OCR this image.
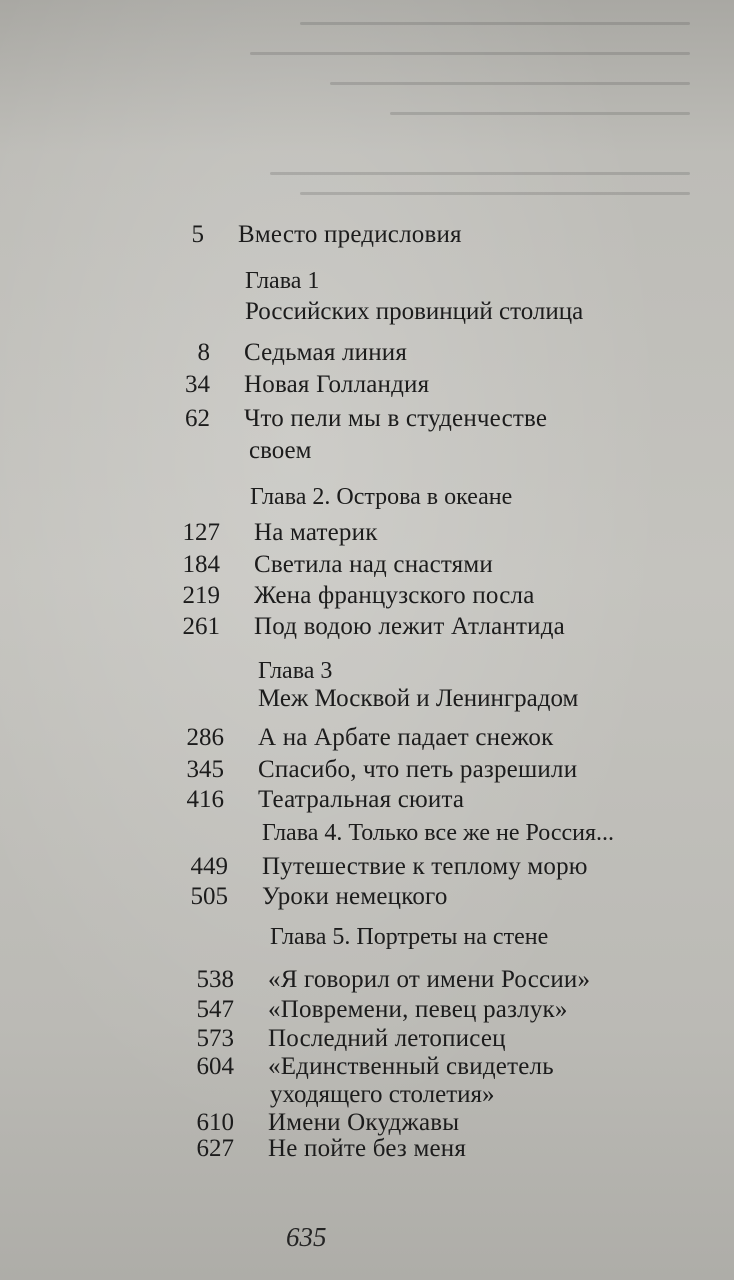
5 Вместо предисловия
Глава 1
Российских провинций столица
8 Седьмая линия
34 Новая Голландия
62 Что пели мы в студенчестве
своем
Глава 2. Острова в океане
127 На материк
184 Светила над снастями
219 Жена французского посла
261 Под водою лежит Атлантида
Глава 3
Меж Москвой и Ленинградом
286 А на Арбате падает снежок
345 Спасибо, что петь разрешили
416 Театральная сюита
Глава 4. Только все же не Россия...
449 Путешествие к теплому морю
505 Уроки немецкого
Глава 5. Портреты на стене
538 «Я говорил от имени России»
547 «Повремени, певец разлук»
573 Последний летописец
604 «Единственный свидетель
уходящего столетия»
610 Имени Окуджавы
627 Не пойте без меня
635
